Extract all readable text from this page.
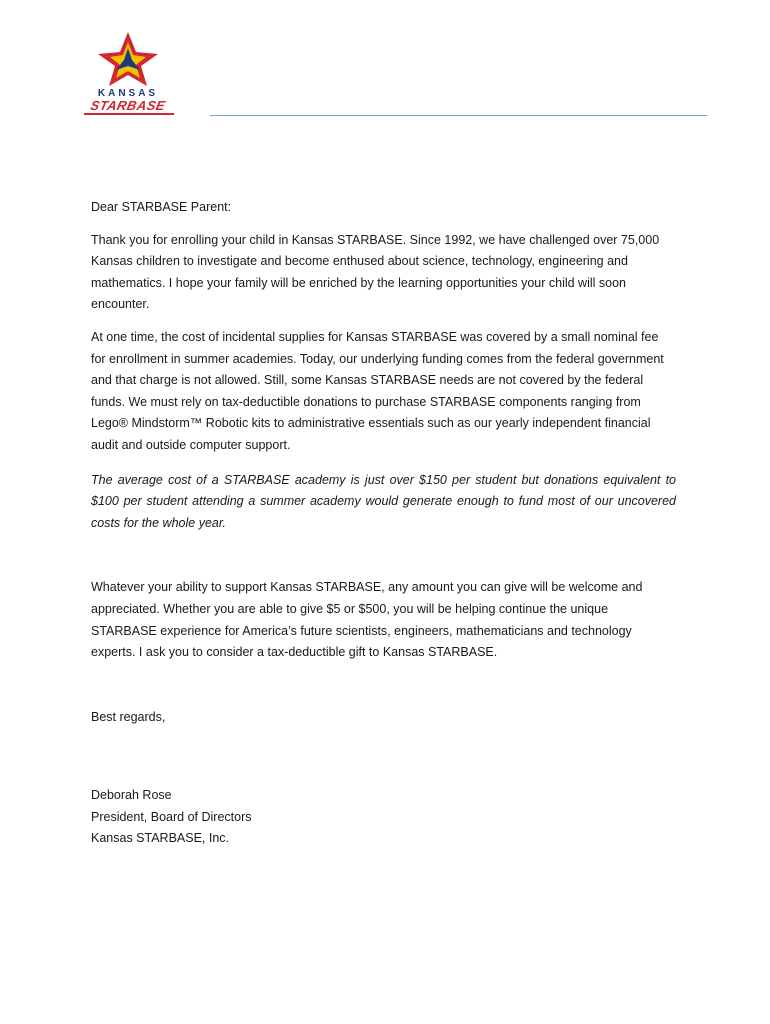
KANSAS
STARBASE

Dear STARBASE Parent:

Thank you for enrolling your child in Kansas STARBASE. Since 1992, we have challenged over 75,000 Kansas children to investigate and become enthused about science, technology, engineering and mathematics. I hope your family will be enriched by the learning opportunities your child will soon encounter.

At one time, the cost of incidental supplies for Kansas STARBASE was covered by a small nominal fee for enrollment in summer academies. Today, our underlying funding comes from the federal government and that charge is not allowed. Still, some Kansas STARBASE needs are not covered by the federal funds. We must rely on tax-deductible donations to purchase STARBASE components ranging from Lego® Mindstorm™ Robotic kits to administrative essentials such as our yearly independent financial audit and outside computer support.

The average cost of a STARBASE academy is just over $150 per student but donations equivalent to $100 per student attending a summer academy would generate enough to fund most of our uncovered costs for the whole year.

Whatever your ability to support Kansas STARBASE, any amount you can give will be welcome and appreciated. Whether you are able to give $5 or $500, you will be helping continue the unique STARBASE experience for America’s future scientists, engineers, mathematicians and technology experts. I ask you to consider a tax-deductible gift to Kansas STARBASE.

Best regards,

Deborah Rose

President, Board of Directors

Kansas STARBASE, Inc.
